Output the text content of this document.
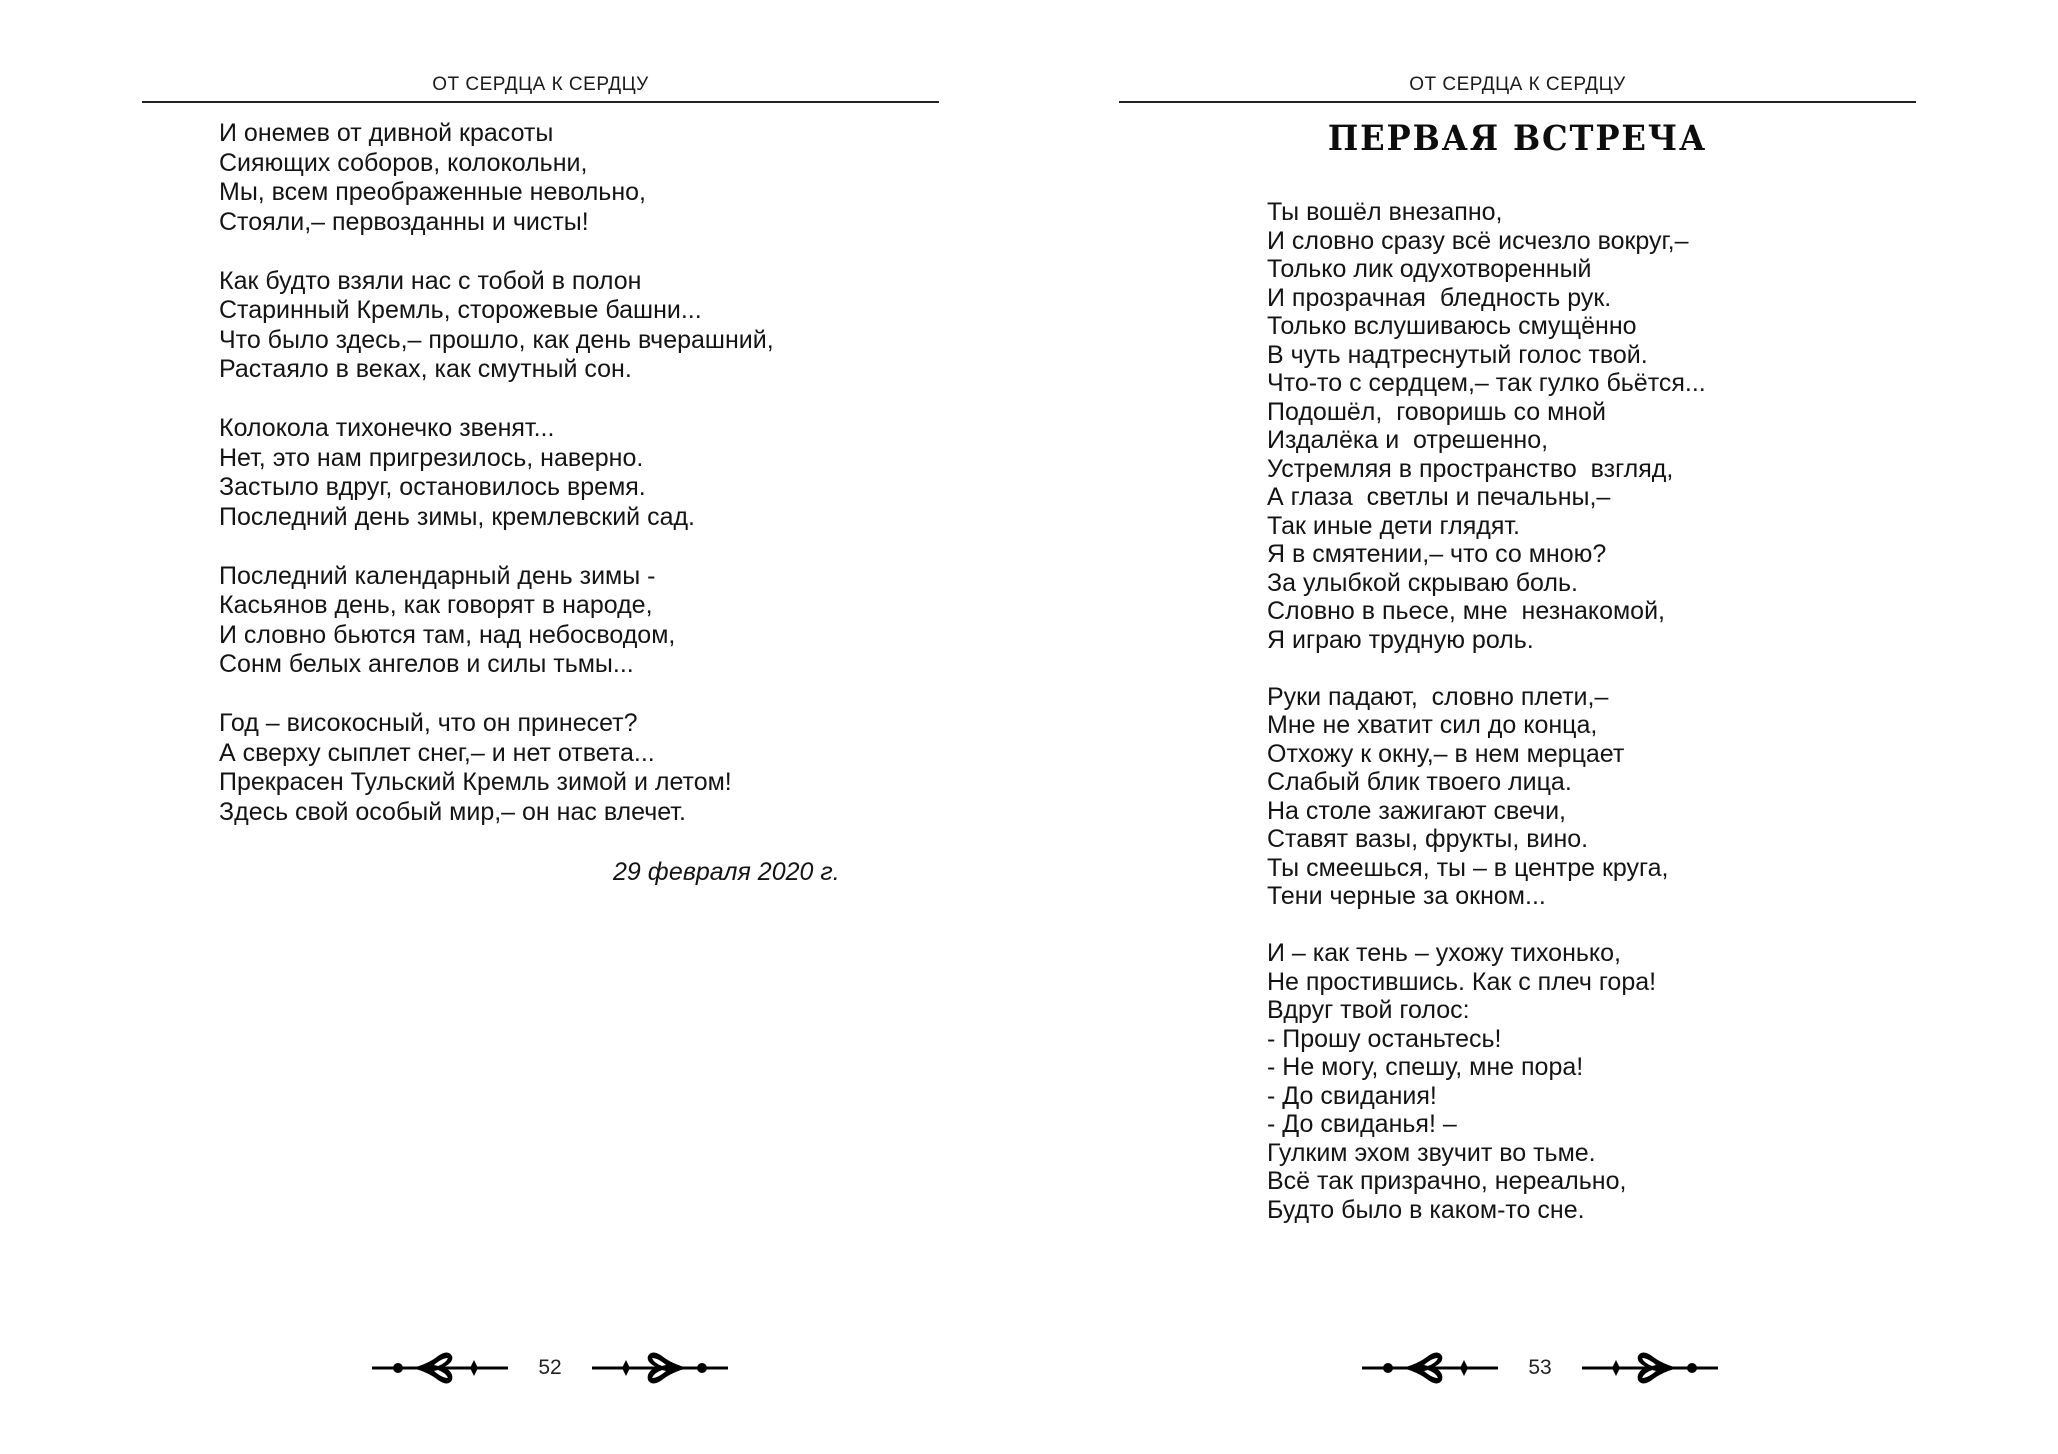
ОТ СЕРДЦА К СЕРДЦУ
И онемев от дивной красоты
Сияющих соборов, колокольни,
Мы, всем преображенные невольно,
Стояли,– первозданны и чисты!
Как будто взяли нас с тобой в полон
Старинный Кремль, сторожевые башни...
Что было здесь,– прошло, как день вчерашний,
Растаяло в веках, как смутный сон.
Колокола тихонечко звенят...
Нет, это нам пригрезилось, наверно.
Застыло вдруг, остановилось время.
Последний день зимы, кремлевский сад.
Последний календарный день зимы -
Касьянов день, как говорят в народе,
И словно бьются там, над небосводом,
Сонм белых ангелов и силы тьмы...
Год – високосный, что он принесет?
А сверху сыплет снег,– и нет ответа...
Прекрасен Тульский Кремль зимой и летом!
Здесь свой особый мир,– он нас влечет.
29 февраля 2020 г.
52
ОТ СЕРДЦА К СЕРДЦУ
ПЕРВАЯ ВСТРЕЧА
Ты вошёл внезапно,
И словно сразу всё исчезло вокруг,–
Только лик одухотворенный
И прозрачная  бледность рук.
Только вслушиваюсь смущённо
В чуть надтреснутый голос твой.
Что-то с сердцем,– так гулко бьётся...
Подошёл,  говоришь со мной
Издалёка и  отрешенно,
Устремляя в пространство  взгляд,
А глаза  светлы и печальны,–
Так иные дети глядят.
Я в смятении,– что со мною?
За улыбкой скрываю боль.
Словно в пьесе, мне  незнакомой,
Я играю трудную роль.
Руки падают,  словно плети,–
Мне не хватит сил до конца,
Отхожу к окну,– в нем мерцает
Слабый блик твоего лица.
На столе зажигают свечи,
Ставят вазы, фрукты, вино.
Ты смеешься, ты – в центре круга,
Тени черные за окном...
И – как тень – ухожу тихонько,
Не простившись. Как с плеч гора!
Вдруг твой голос:
- Прошу останьтесь!
- Не могу, спешу, мне пора!
- До свидания!
- До свиданья! –
Гулким эхом звучит во тьме.
Всё так призрачно, нереально,
Будто было в каком-то сне.
53
